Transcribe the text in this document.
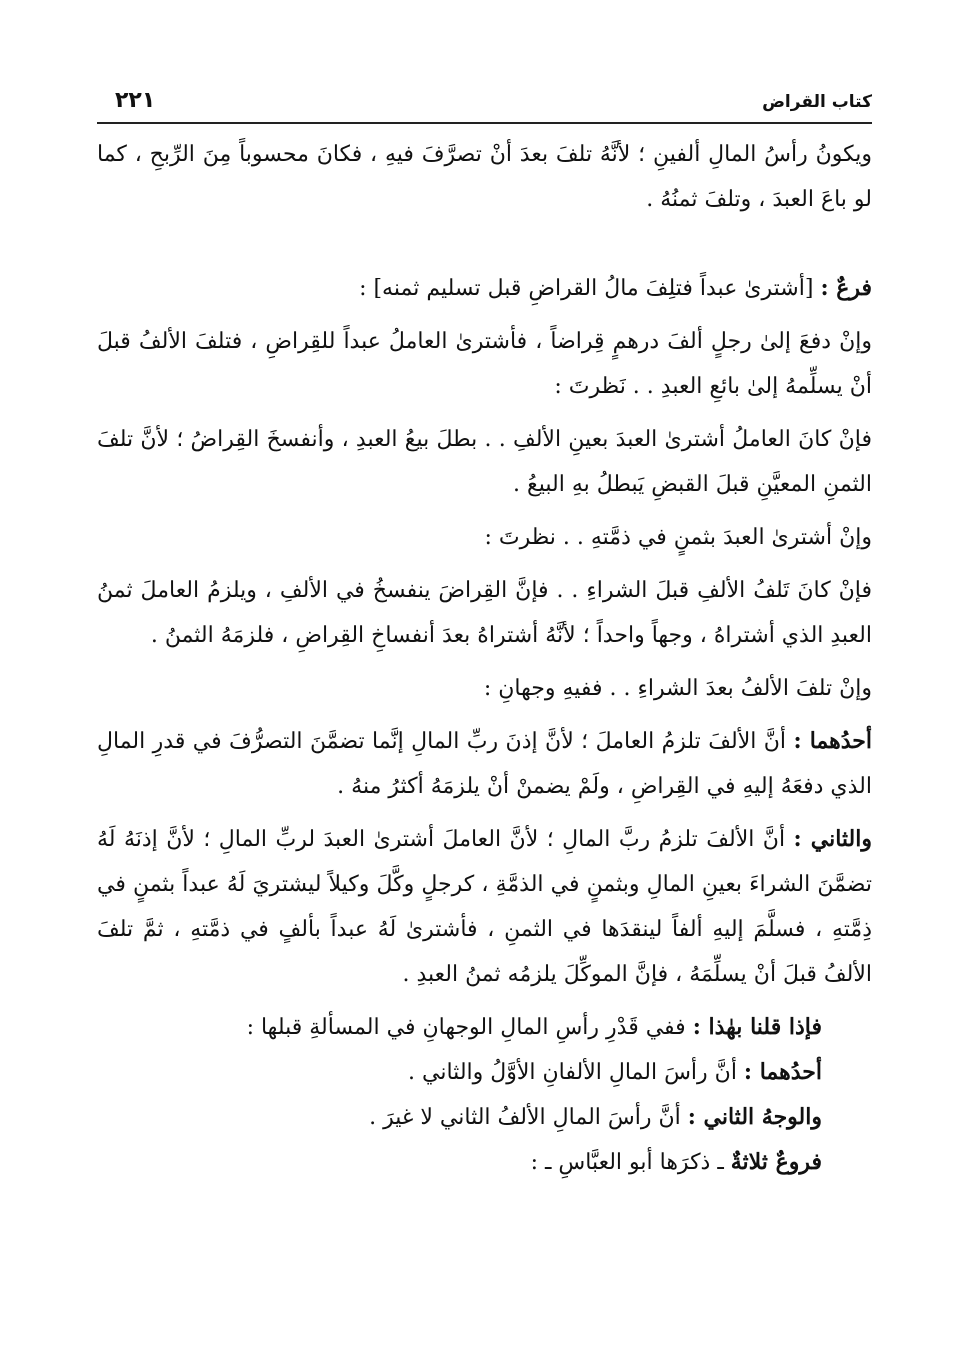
كتاب القراض
٢٢١

ويكونُ رأسُ المالِ ألفينِ ؛ لأنَّهُ تلفَ بعدَ أنْ تصرَّفَ فيهِ ، فكانَ محسوباً مِنَ الرِّبحِ ، كما لو باعَ العبدَ ، وتلفَ ثمنُهُ .

فرعٌ : [أشترىٰ عبداً فتلِفَ مالُ القراضِ قبل تسليم ثمنه] :

وإنْ دفعَ إلىٰ رجلٍ ألفَ درهمٍ قِراضاً ، فأشترىٰ العاملُ عبداً للقِراضِ ، فتلفَ الألفُ قبلَ أنْ يسلِّمهُ إلىٰ بائعِ العبدِ . . نَظرتَ :

فإنْ كانَ العاملُ أشترىٰ العبدَ بعينِ الألفِ . . بطلَ بيعُ العبدِ ، وأنفسخَ القِراضُ ؛ لأنَّ تلفَ الثمنِ المعيَّنِ قبلَ القبضِ يَبطلُ بهِ البيعُ .

وإنْ أشترىٰ العبدَ بثمنٍ في ذمَّتهِ . . نظرتَ :

فإنْ كانَ تَلفُ الألفِ قبلَ الشراءِ . . فإنَّ القِراضَ ينفسخُ في الألفِ ، ويلزمُ العاملَ ثمنُ العبدِ الذي أشتراهُ ، وجهاً واحداً ؛ لأنَّهُ أشتراهُ بعدَ أنفساخِ القِراضِ ، فلزمَهُ الثمنُ .

وإنْ تلفَ الألفُ بعدَ الشراءِ . . ففيهِ وجهانِ :

أحدُهما : أنَّ الألفَ تلزمُ العاملَ ؛ لأنَّ إذنَ ربِّ المالِ إنَّما تضمَّنَ التصرُّفَ في قدرِ المالِ الذي دفعَهُ إليهِ في القِراضِ ، ولَمْ يضمنْ أنْ يلزمَهُ أكثرُ منهُ .

والثاني : أنَّ الألفَ تلزمُ ربَّ المالِ ؛ لأنَّ العاملَ أشترىٰ العبدَ لربِّ المالِ ؛ لأنَّ إذنَهُ لَهُ تضمَّنَ الشراءَ بعينِ المالِ وبثمنٍ في الذمَّةِ ، كرجلٍ وكَّلَ وكيلاً ليشتريَ لَهُ عبداً بثمنٍ في ذِمَّتهِ ، فسلَّمَ إليهِ ألفاً لينقدَها في الثمنِ ، فأشترىٰ لَهُ عبداً بألفٍ في ذمَّتهِ ، ثمَّ تلفَ الألفُ قبلَ أنْ يسلِّمَهُ ، فإنَّ الموكِّلَ يلزمُه ثمنُ العبدِ .

فإذا قلنا بهٰذا : ففي قَدْرِ رأسِ المالِ الوجهانِ في المسألةِ قبلها :

أحدُهما : أنَّ رأسَ المالِ الألفانِ الأوَّلُ والثاني .

والوجهُ الثاني : أنَّ رأسَ المالِ الألفُ الثاني لا غيرَ .

فروعٌ ثلاثةٌ ـ ذكرَها أبو العبَّاسِ ـ :
